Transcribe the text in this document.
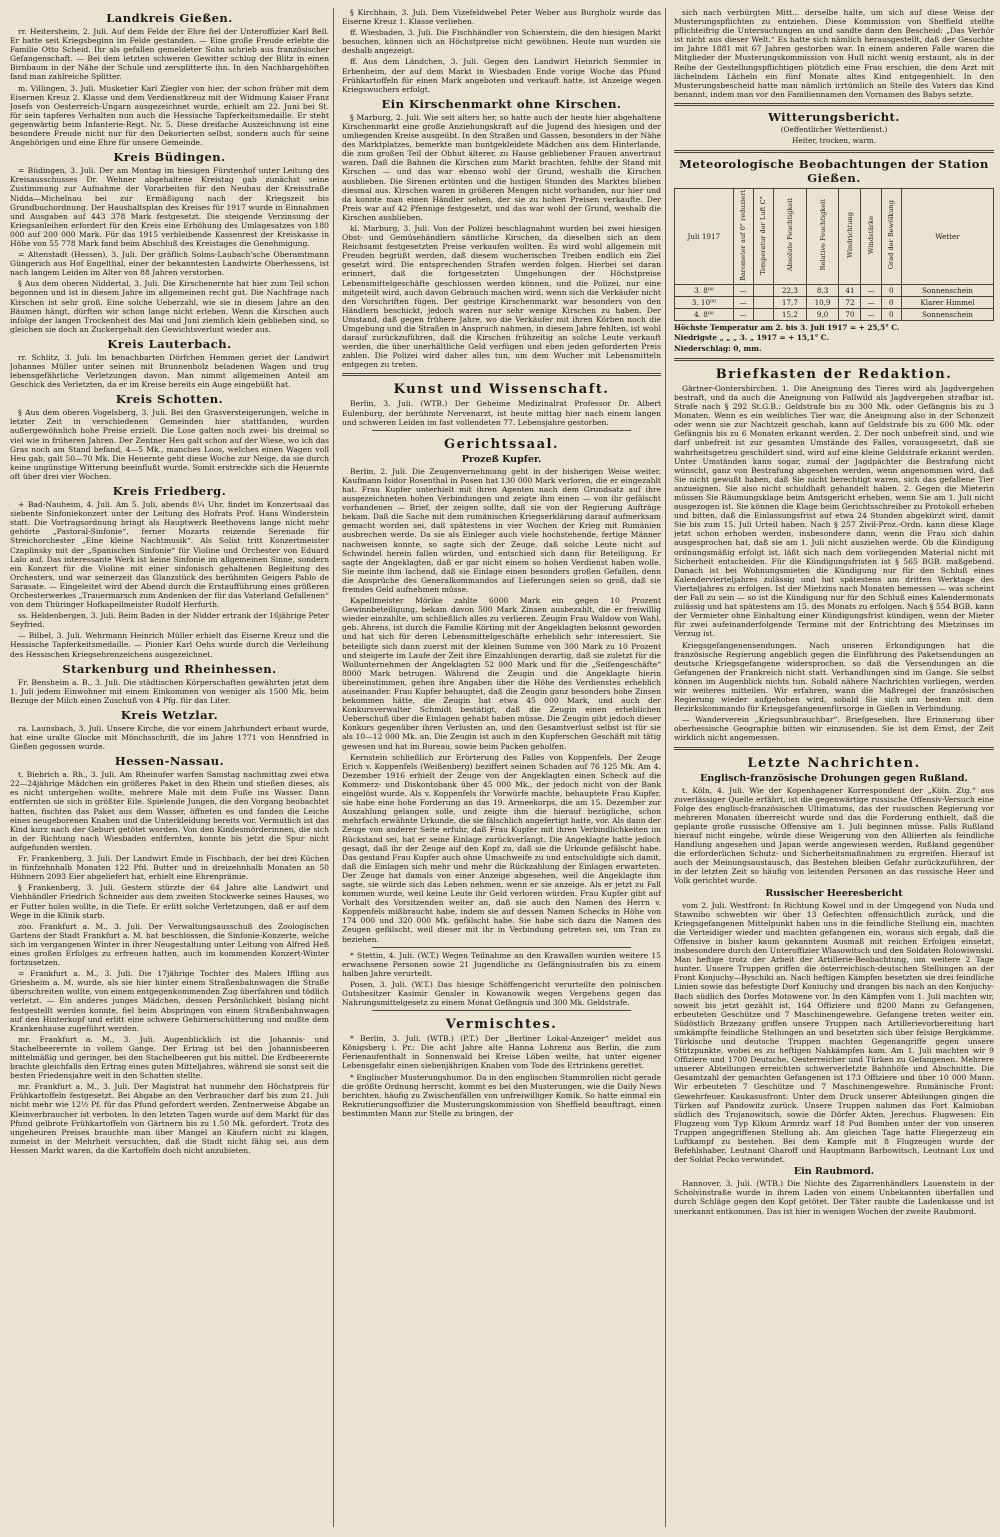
Landkreis Gießen.

rr. Heitersheim, 2. Juli. Auf dem Felde der Ehre fiel der Unteroffizier Karl Bell. Er hatte seit Kriegsbeginn im Felde gestanden. — Eine große Freude erlebte die Familie Otto Scheid. Ihr als gefallen gemeldeter Sohn schrieb aus französischer Gefangenschaft. — Bei dem letzten schweren Gewitter schlug der Blitz in einen Birnbaum in der Nähe der Schule und zersplitterte ihn. In den Nachbargehöften fand man zahlreiche Splitter.

m. Villingen, 3. Juli. Musketier Karl Ziegler von hier, der schon früher mit dem Eisernen Kreuz 2. Klasse und dem Verdienstkreuz mit der Widmung Kaiser Franz Josefs von Oesterreich-Ungarn ausgezeichnet wurde, erhielt am 22. Juni bei St. für sein tapferes Verhalten nun auch die Hessische Tapferkeitsmedaille. Er steht gegenwärtig beim Infanterie-Regt. Nr. 5. Diese dreifache Auszeichnung ist eine besondere Freude nicht nur für den Dekorierten selbst, sondern auch für seine Angehörigen und eine Ehre für unsere Gemeinde.

Kreis Büdingen.

= Büdingen, 3. Juli. Der am Montag im hiesigen Fürstenhof unter Leitung des Kreisausschusses Dr. Wehner abgehaltene Kreistag gab zunächst seine Zustimmung zur Aufnahme der Vorarbeiten für den Neubau der Kreisstraße Nidda—Michelnau bei zur Ermäßigung nach der Kriegszeit bis Grundbuchordnung. Der Haushaltsplan des Kreises für 1917 wurde in Einnahmen und Ausgaben auf 443 378 Mark festgesetzt. Die steigende Verzinsung der Kriegsanleihen erfordert für den Kreis eine Erhöhung des Umlagesatzes von 180 000 auf 200 000 Mark. Für das 1915 verbleibende Kassenrest der Kreiskasse in Höhe von 55 778 Mark fand beim Abschluß des Kreistages die Genehmigung.

= Altenstadt (Hessen), 3. Juli. Der gräflich Solms-Laubach'sche Oberamtmann Güngerich aus Hof Engelthal, einer der bekanntesten Landwirte Oberhessens, ist nach langem Leiden im Alter von 88 Jahren verstorben.

§ Aus dem oberen Niddertal, 3. Juli. Die Kirschenernte hat hier zum Teil schon begonnen und ist in diesem Jahre im allgemeinen recht gut. Die Nachfrage nach Kirschen ist sehr groß. Eine solche Ueberzahl, wie sie in diesem Jahre an den Bäumen hängt, dürften wir schon lange nicht erleben. Wenn die Kirschen auch infolge der langen Trockenheit des Mai und Juni ziemlich klein geblieben sind, so gleichen sie doch an Zuckergehalt den Gewichtsverlust wieder aus.

Kreis Lauterbach.

rr. Schlitz, 3. Juli. Im benachbarten Dörfchen Hemmen geriet der Landwirt Johannes Müller unter seinen mit Brunnenholz beladenen Wagen und trug lebensgefährliche Verletzungen davon. Man nimmt allgemeinen Anteil am Geschick des Verletzten, da er im Kreise bereits ein Auge eingebüßt hat.

Kreis Schotten.

§ Aus dem oberen Vogelsberg, 3. Juli. Bei den Grasversteigerungen, welche in letzter Zeit in verschiedenen Gemeinden hier stattfanden, wurden außergewöhnlich hohe Preise erzielt. Die Lose galten noch zwei- bis dreimal so viel wie in früheren Jahren. Der Zentner Heu galt schon auf der Wiese, wo ich das Gras noch am Stand befand, 4—5 Mk., manches Loos, welches einen Wagen voll Heu gab, galt 50—70 Mk. Die Heuernte geht diese Woche zur Neige, da sie durch keine ungünstige Witterung beeinflußt wurde. Somit erstreckte sich die Heuernte oft über drei vier Wochen.

Kreis Friedberg.

+ Bad-Nauheim, 4. Juli. Am 5. Juli, abends 8¼ Uhr, findet im Konzertsaal das siebente Sinfoniekonzert unter der Leitung des Hofrats Prof. Hans Winderstein statt. Die Vortragsordnung bringt als Hauptwerk Beethovens lange nicht mehr gehörte „Pastoral-Sinfonie“, ferner Mozarts reizende Serenade für Streichorchester „Eine kleine Nachtmusik“. Als Solist tritt Konzertmeister Czaplinsky mit der „Spanischen Sinfonie“ für Violine und Orchester von Eduard Lalo auf. Das interessante Werk ist keine Sinfonie im allgemeinen Sinne, sondern ein Konzert für die Violine mit einer sinfonisch gehaltenen Begleitung des Orchesters, und war seinerzeit das Glanzstück des berühmten Geigers Pablo de Sarasate. — Eingeleitet wird der Abend durch die Erstaufführung eines größeren Orchesterwerkes „Trauermarsch zum Andenken der für das Vaterland Gefallenen“ von dem Thüringer Hofkapellmeister Rudolf Herfurth.

ss. Heldenbergen, 3. Juli. Beim Baden in der Nidder ertrank der 16jährige Peter Seyfried.

— Bilbel, 3. Juli. Wehrmann Heinrich Müller erhielt das Eiserne Kreuz und die Hessische Tapferkeitsmedaille. — Pionier Karl Oehs wurde durch die Verleihung des Hessischen Kriegsehrenzeichens ausgezeichnet.

Starkenburg und Rheinhessen.

Fr. Bensheim a. B., 3. Juli. Die städtischen Körperschaften gewährten jetzt dem 1. Juli jedem Einwohner mit einem Einkommen von weniger als 1500 Mk. beim Bezuge der Milch einen Zuschuß von 4 Pfg. für das Liter.

Kreis Wetzlar.

ra. Launsbach, 3. Juli. Unsere Kirche, die vor einem Jahrhundert erbaut wurde, hat eine uralte Glocke mit Mönchsschrift, die im Jahre 1771 von Hennfried in Gießen gegossen wurde.

Hessen-Nassau.

t. Biebrich a. Rh., 3. Juli. Am Rheinufer warfen Samstag nachmittag zwei etwa 22—24jährige Mädchen ein größeres Paket in den Rhein und stießen dieses, als es nicht untergehen wollte, mehrere Male mit dem Fuße ins Wasser. Dann entfernten sie sich in größter Eile. Spielende Jungen, die den Vorgang beobachtet hatten, fischten das Paket aus dem Wasser, öffneten es und fanden die Leiche eines neugeborenen Knaben und die Unterkleidung bereits vor. Vermutlich ist das Kind kurz nach der Geburt getötet worden. Von den Kindesmörderinnen, die sich in der Richtung nach Wiesbaden entfernten, konnte bis jetzt die Spur nicht aufgefunden werden.

Fr. Frankenberg, 3. Juli. Der Landwirt Emde in Fischbach, der bei drei Küchen in fünfzehnhalb Monaten 122 Pfd. Butter und in dreizehnhalb Monaten an 50 Hühnern 2093 Eier abgeliefert hat, erhielt eine Ehrenprämie.

§ Frankenberg, 3. Juli. Gestern stürzte der 64 Jahre alte Landwirt und Viehhändler Friedrich Schneider aus dem zweiten Stockwerke seines Hauses, wo er Futter holen wollte, in die Tiefe. Er erlitt solche Verletzungen, daß er auf dem Wege in die Klinik starb.

zoo. Frankfurt a. M., 3. Juli. Der Verwaltungsausschuß des Zoologischen Gartens der Stadt Frankfurt a. M. hat beschlossen, die Sinfonie-Konzerte, welche sich im vergangenen Winter in ihrer Neugestaltung unter Leitung von Alfred Heß eines großen Erfolges zu erfreuen hatten, auch im kommenden Konzert-Winter fortzusetzen.

= Frankfurt a. M., 3. Juli. Die 17jährige Tochter des Malers Iffling aus Griesheim a. M. wurde, als sie hier hinter einem Straßenbahnwagen die Straße überschreiten wollte, von einem entgegenkommenden Zug überfahren und tödlich verletzt. — Ein anderes junges Mädchen, dessen Persönlichkeit bislang nicht festgestellt werden konnte, fiel beim Abspringen von einem Straßenbahnwagen auf den Hinterkopf und erlitt eine schwere Gehirnerschütterung und mußte dem Krankenhause zugeführt werden.

mr. Frankfurt a. M., 3. Juli. Augenblicklich ist die Johannis- und Stachelbeerernte in vollem Gange. Der Ertrag ist bei den Johannisbeeren mittelmäßig und geringer, bei den Stachelbeeren gut bis mittel. Die Erdbeerernte brachte gleichfalls den Ertrag eines guten Mitteljahres, während sie sonst seit die besten Friedensjahre weit in den Schatten stellte.

mr. Frankfurt a. M., 3. Juli. Der Magistrat hat nunmehr den Höchstpreis für Frühkartoffeln festgesetzt. Bei Abgabe an den Verbraucher darf bis zum 21. Juli nicht mehr wie 12½ Pf. für das Pfund gefordert werden. Zentnerweise Abgabe an Kleinverbraucher ist verboten. In den letzten Tagen wurde auf dem Markt für das Pfund gelbrote Frühkartoffeln von Gärtnern bis zu 1.50 Mk. gefordert. Trotz des ungeheuren Preises brauchte man über Mangel an Käufern nicht zu klagen, zumeist in der Mehrheit versuchten, daß die Stadt nicht fähig sei, aus dem Hessen Markt waren, da die Kartoffeln doch nicht anzubieten.

§ Kirchhain, 3. Juli. Dem Vizefeldwebel Peter Weber aus Burgholz wurde das Eiserne Kreuz 1. Klasse verliehen.

ff. Wiesbaden, 3. Juli. Die Fischhändler von Schierstein, die den hiesigen Markt besuchen, können sich an Höchstpreise nicht gewöhnen. Heute nun wurden sie deshalb angezeigt.

ff. Aus dem Ländchen, 3. Juli. Gegen den Landwirt Heinrich Semmler in Erbenheim, der auf dem Markt in Wiesbaden Ende vorige Woche das Pfund Frühkartoffeln für einen Mark angeboten und verkauft hatte, ist Anzeige wegen Kriegswuchers erfolgt.

Ein Kirschenmarkt ohne Kirschen.

§ Marburg, 2. Juli. Wie seit alters her, so hatte auch der heute hier abgehaltene Kirschenmarkt eine große Anziehungskraft auf die Jugend des hiesigen und der umliegenden Kreise ausgeübt. In den Straßen und Gassen, besonders in der Nähe des Marktplatzes, bemerkte man buntgekleidete Mädchen aus dem Hinterlande, die zum großen Teil der Obhut älterer, zu Hause gebliebener Frauen anvertraut waren. Daß die Bahnen die Kirschen zum Markt brachten, fehlte der Stand mit Kirschen — und das war ebenso wohl der Grund, weshalb die Kirschen ausblieben. Die Sirenen ertönten und die lustigen Stunden des Marktes blieben diesmal aus. Kirschen waren in größeren Mengen nicht vorhanden, nur hier und da konnte man einen Händler sehen, der sie zu hohen Preisen verkaufte. Der Preis war auf 42 Pfennige festgesetzt, und das war wohl der Grund, weshalb die Kirschen ausblieben.

kl. Marburg, 3. Juli. Von der Polizei beschlagnahmt wurden bei zwei hiesigen Obst- und Gemüsehändlern sämtliche Kirschen, da dieselben sich an dem Reichsamt festgesetzten Preise verkaufen wollten. Es wird wohl allgemein mit Freuden begrüßt werden, daß diesem wucherischen Treiben endlich ein Ziel gesetzt wird. Die entsprechenden Strafen werden folgen. Hierbei sei daran erinnert, daß die fortgesetzten Umgehungen der Höchstpreise Lebensmittelgeschäfte geschlossen werden können, und die Polizei, nur eine mitgeteilt wird, auch davon Gebrauch machen wird, wenn sich die Verkäufer nicht den Vorschriften fügen. Der gestrige Kirschenmarkt war besonders von den Händlern beschickt, jedoch waren nur sehr wenige Kirschen zu haben. Der Umstand, daß gegen frühere Jahre, wo die Verkäufer mit ihren Körben noch die Umgebung und die Straßen in Anspruch nahmen, in diesem Jahre fehlten, ist wohl darauf zurückzuführen, daß die Kirschen frühzeitig an solche Leute verkauft werden, die über unerhältliche Geld verfügen und eben jeden geforderten Preis zahlen. Die Polizei wird daher alles tun, um dem Wucher mit Lebensmitteln entgegen zu treten.

Kunst und Wissenschaft.

Berlin, 3. Juli. (WTB.) Der Geheime Medizinalrat Professor Dr. Albert Eulenburg, der berühmte Nervenarzt, ist heute mittag hier nach einem langen und schweren Leiden im fast vollendeten 77. Lebensjahre gestorben.

Gerichtssaal.
Prozeß Kupfer.

Berlin, 2. Juli. Die Zeugenvernehmung geht in der bisherigen Weise weiter. Kaufmann Isidor Rosenthal in Posen hat 130 000 Mark verloren, die er eingezahlt hat. Frau Kupfer unterhielt mit ihren Agenten nach dem Grundsatz auf ihre ausgezeichneten hohen Verbindungen und zeigte ihm einen — von ihr gefälscht vorhandenen — Brief, der zeigen sollte, daß sie von der Regierung Aufträge bekam. Daß die Sache mit dem rumänischen Kriegserklärung darauf aufmerksam gemacht worden sei, daß spätestens in vier Wochen der Krieg mit Rumänien ausbrechen werde. Da sie als Einleger auch viele hochstehende, fertige Männer nachweisen konnte, so sagte sich der Zeuge, daß solche Leute nicht auf Schwindel herein fallen würden, und entschied sich dann für Beteiligung. Er sagte der Angeklagten, daß er gar nicht einem so hohen Verdienst haben wolle. Sie meinte ihm lachend, daß sie Einlage einen besonders großen Gefallen, denn die Ansprüche des Generalkommandos auf Lieferungen seien so groß, daß sie fremdes Geld aufnehmen müsse.

Kapellmeister Mörike zahlte 6000 Mark ein gegen 10 Prozent Gewinnbeteiligung, bekam davon 500 Mark Zinsen ausbezahlt, die er freiwillig wieder einzahlte, um schließlich alles zu verlieren. Zeugin Frau Waldow von Wahl, geb. Ahrens, ist durch die Familie Körting mit der Angeklagten bekannt geworden und hat sich für deren Lebensmittelgeschäfte erheblich sehr interessiert. Sie beteiligte sich dann zuerst mit der kleinen Summe von 300 Mark zu 10 Prozent und steigerte im Laufe der Zeit ihre Einzahlungen derartig, daß sie zuletzt für die Wollunternehmen der Angeklagten 52 000 Mark und für die „Seifengeschäfte“ 8000 Mark betrugen. Während die Zeugin und die Angeklagte hierin übereinstimmen, gehen ihre Angaben über die Höhe des Verdienstes erheblich auseinander. Frau Kupfer behauptet, daß die Zeugin ganz besonders hohe Zinsen bekommen hätte, die Zeugin hat etwa 45 000 Mark, und auch der Konkursverwalter Schmidt bestätigt, daß die Zeugin einen erheblichen Ueberschuß über die Einlagen gehabt haben müsse. Die Zeugin gibt jedoch dieser Konkurs gegenüber ihren Verlusten an, und den Gesamtverlust selbst ist für sie als 10—12 000 Mk. an. Die Zeugin ist auch in den Kupferschen Geschäft mit tätig gewesen und hat im Bureau, sowie beim Packen geholfen.

Kernstein schließlich zur Erörterung des Falles von Koppenfels. Der Zeuge Erich v. Koppenfels (Weißenberg) beziffert seinen Schaden auf 76 125 Mk. Am 4. Dezember 1916 erhielt der Zeuge von der Angeklagten einen Scheck auf die Kommerz- und Diskontobank über 45 000 Mk., der jedoch nicht von der Bank eingelöst wurde. Als v. Koppenfels ihr Vorwürfe machte, behauptete Frau Kupfer, sie habe eine hohe Forderung an das 19. Armeekorps, die am 15. Dezember zur Auszahlung gelangen solle, und zeigte ihm die hierauf bezügliche, schon mehrfach erwähnte Urkunde, die sie fälschlich angefertigt hatte, vor. Als dann der Zeuge von anderer Seite erfuhr, daß Frau Kupfer mit ihren Verbindlichkeiten im Rückstand sei, hat er seine Einlage zurückverlangt. Die Angeklagte hatte jedoch gesagt, daß ihr der Zeuge auf den Kopf zu, daß sie die Urkunde gefälscht habe. Das gestand Frau Kupfer auch ohne Umschweife zu und entschuldigte sich damit, daß die Einlagen sich mehr und mehr die Rückzahlung der Einlagen erwarteten. Der Zeuge hat damals von einer Anzeige abgesehen, weil die Angeklagte ihm sagte, sie würde sich das Leben nehmen, wenn er sie anzeige. Als er jetzt zu Fall kommen wurde, weil keine Leute ihr Geld verloren würden. Frau Kupfer gibt auf Vorhalt des Vorsitzenden weiter an, daß sie auch den Namen des Herrn v. Koppenfels mißbraucht habe, indem sie auf dessen Namen Schecks in Höhe von 174 000 und 320 000 Mk. gefälscht habe. Sie habe sich dazu die Namen des Zeugen gefälscht, weil dieser mit ihr in Verbindung getreten sei, um Tran zu beziehen.

* Stettin, 4. Juli. (W.T.) Wegen Teilnahme an den Krawallen wurden weitere 15 erwachsene Personen sowie 21 Jugendliche zu Gefängnisstrafen bis zu einem halben Jahre verurteilt.

Posen, 3. Juli. (W.T.) Das hiesige Schöffengericht verurteilte den polnischen Gutsbesitzer Kasimir Gensler in Kowanowik wegen Vergehens gegen das Nahrungsmittelgesetz zu einem Monat Gefängnis und 300 Mk. Geldstrafe.

Vermischtes.

* Berlin, 3. Juli. (WTB.) (P.T.) Der „Berliner Lokal-Anzeiger“ meldet aus Königsberg i. Pr.: Die acht Jahre alte Hanna Lohrenz aus Berlin, die zum Ferienaufenthalt in Sonnenwald bei Kreise Löben weilte, hat unter eigener Lebensgefahr einen siebenjährigen Knaben vom Tode des Ertrinkens gerettet.

* Englischer Musterungshumor. Da in den englischen Stammrollen nicht gerade die größte Ordnung herrscht, kommt es bei den Musterungen, wie die Daily News berichten, häufig zu Zwischenfällen von unfreiwilliger Komik. So hatte einmal ein Rekrutierungsoffizier die Musterungskommission von Sheffield beauftragt, einen bestimmten Mann zur Stelle zu bringen, der

sich nach verbürgten Mitt... derselbe halte, um sich auf diese Weise der Musterungspflichten zu entziehen. Diese Kommission von Sheffield stellte pflichteifrig die Untersuchungen an und sandte dann den Bescheid: „Das Verhör ist nicht aus dieser Welt.“ Es hatte sich nämlich herausgestellt, daß der Gesuchte im Jahre 1881 mit 67 Jahren gestorben war. In einem anderen Falle waren die Mitglieder der Musterungskommission von Hull nicht wenig erstaunt, als in der Reihe der Gestellungspflichtigen plötzlich eine Frau erschien, die dem Arzt mit lächelndem Lächeln ein fünf Monate altes Kind entgegenhielt. In den Musterungsbescheid hatte man nämlich irrtümlich an Stelle des Vaters das Kind benannt, indem man vor den Familiennamen den Vornamen des Babys setzte.

Witterungsbericht.

(Oeffentlicher Wetterdienst.)

Heiter, trocken, warm.

Meteorologische Beobachtungen der Station Gießen.
Juli 1917	Barometer auf 0° reduziert	Temperatur der Luft C°	Absolute Feuchtigkeit	Relative Feuchtigkeit	Windrichtung	Windstärke	Grad der Bewölkung	Wetter
3. 8⁰⁰	—		22,3	8,3	41	—	0	Sonnenschein
3. 10⁰⁰	—		17,7	10,9	72	—	0	Klarer Himmel
4. 8⁰⁰	—		15,2	9,0	70	—	0	Sonnenschein

Höchste Temperatur am 2. bis 3. Juli 1917 = + 25,5° C.

Niedrigste „ „ „ 3. „ 1917 = + 15,1° C.

Niederschlag: 0, mm.

Briefkasten der Redaktion.

Gärtner-Gontershirchen. 1. Die Aneignung des Tieres wird als Jagdvergehen bestraft, und da auch die Aneignung von Fallwild als Jagdvergehen strafbar ist. Strafe nach § 292 St.G.B.: Geldstrafe bis zu 300 Mk. oder Gefängnis bis zu 3 Monaten. Wenn es ein weibliches Tier war, die Aneignung also in der Schonzeit oder wenn sie zur Nachtzeit geschah, kann auf Geldstrafe bis zu 600 Mk. oder Gefängnis bis zu 6 Monaten erkannt werden. 2. Der noch unbefreit sind, und wie darf unbefreit ist zur gesamten Umstände des Falles, vorausgesetzt, daß sie wahrheitsgetreu geschildert sind, wird auf eine kleine Geldstrafe erkannt werden. Unter Umständen kann sogar, zumal der Jagdpächter die Bestrafung nicht wünscht, ganz von Bestrafung abgesehen werden, wenn angenommen wird, daß Sie nicht gewußt haben, daß Sie nicht berechtigt waren, sich das gefallene Tier anzueignen. Sie also nicht schuldhaft gehandelt haben. 2. Gegen die Mieterin müssen Sie Räumungsklage beim Amtsgericht erheben, wenn Sie am 1. Juli nicht ausgezogen ist. Sie können die Klage beim Gerichtsschreiber zu Protokoll erheben und bitten, daß die Einlassungsfrist auf etwa 24 Stunden abgekürzt wird, damit Sie bis zum 15. Juli Urteil haben. Nach § 257 Zivil-Proz.-Ordn. kann diese Klage jetzt schon erhoben werden, insbesondere dann, wenn die Frau sich dahin ausgesprochen hat, daß sie am 1. Juli nicht ausziehen werde. Ob die Kündigung ordnungsmäßig erfolgt ist, läßt sich nach dem vorliegenden Material nicht mit Sicherheit entscheiden. Für die Kündigungsfristen ist § 565 BGB. maßgebend. Danach ist bei Wohnungsmieten die Kündigung nur für den Schluß eines Kalendervierteljahres zulässig und hat spätestens am dritten Werktage des Vierteljahres zu erfolgen. Ist der Mietzins nach Monaten bemessen — was scheint der Fall zu sein — so ist die Kündigung nur für den Schluß eines Kalendermonats zulässig und hat spätestens am 15. des Monats zu erfolgen. Nach § 554 BGB. kann der Vermieter ohne Einhaltung einer Kündigungsfrist kündigen, wenn der Mieter für zwei aufeinanderfolgende Termine mit der Entrichtung des Mietzinses im Verzug ist.

Kriegsgefangenensendungen. Nach unseren Erkundigungen hat die französische Regierung angeblich gegen die Einführung des Paketsendungen an deutsche Kriegsgefangene widersprochen, so daß die Versendungen an die Gefangenen der Frankreich nicht statt. Verhandlungen sind im Gange. Sie selbst können im Augenblick nichts tun. Sobald nähere Nachrichten vorliegen, werden wir weiteres mitteilen. Wir erfahren, wann die Maßregel der französischen Regierung wieder aufgehoben wird, sobald Sie sich am besten mit dem Bezirkskommando für Kriegsgefangenenfürsorge in Gießen in Verbindung.

— Wanderverein „Kriegsunbrauchbar“. Briefgesehen. Ihre Erinnerung über oberhessische Geographie bitten wir einzusenden. Sie ist dem Ernst, der Zeit wirklich nicht angemessen.

Letzte Nachrichten.
Englisch-französische Drohungen gegen Rußland.

t. Köln, 4. Juli. Wie der Kopenhagener Korrespondent der „Köln. Ztg.“ aus zuverlässiger Quelle erfährt, ist die gegenwärtige russische Offensiv-Versuch eine Folge des englisch-französischen Ultimatums, das der russischen Regierung vor mehreren Monaten überreicht wurde und das die Forderung enthielt, daß die geplante große russische Offensive am 1. Juli beginnen müsse. Falls Rußland hierauf nicht eingehe, würde diese Weigerung von den Alliierten als feindliche Handlung angesehen und Japan werde angewiesen werden, Rußland gegenüber die erforderlichen Schutz- und Sicherheitsmaßnahmen zu ergreifen. Hierauf ist auch der Meinungsaustausch, das Bestehen bleiben Gefahr zurückzuführen, der in der letzten Zeit so häufig von leitenden Personen an das russische Heer und Volk gerichtet wurde.

Russischer Heeresbericht

vom 2. Juli. Westfront: In Richtung Kowel und in der Umgegend von Nuda und Stawnibo schwebten wir über 13 Gefechten offensichtlich zurück, und die Kriegsgefangenen Mittelpunkt haben uns in die feindliche Stellung ein, machten die Verteidiger wieder und machten gefangenen ein, woraus sich ergab, daß die Offensive in bisher kaum gekanntem Ausmaß mit reichen Erfolgen einsetzt, insbesondere durch den Unteroffizier Wlasowitsch und den Soldaten Rolowiwnski. Man heftige trotz der Arbeit der Artillerie-Beobachtung, um weitere 2 Tage hunter. Unsere Truppen griffen die österreichisch-deutschen Stellungen an der Front Konjuchy—Byschiki an. Nach heftigen Kämpfen besetzten sie drei feindliche Linien sowie das befestigte Dorf Koniuchy und drangen bis nach an den Konjuchy-Bach südlich des Dorfes Motowene vor. In den Kämpfen vom 1. Juli machten wir, soweit bis jetzt gezählt ist, 164 Offiziere und 8200 Mann zu Gefangenen, erbeuteten Geschütze und 7 Maschinengewehre. Gefangene treten weiter ein. Südöstlich Brzezany griffen unsere Truppen nach Artillerievorbereitung hart umkämpfte feindliche Stellungen an und besetzten sich über felsige Bergkämme. Türkische und deutsche Truppen machten Gegenangriffe gegen unsere Stützpunkte, wobei es zu heftigen Nahkämpfen kam. Am 1. Juli machten wir 9 Offiziere und 1700 Deutsche, Oesterreicher und Türken zu Gefangenen. Mehrere unserer Abteilungen erreichten schwerverletzte Bahnhöfe und Abschnitte. Die Gesamtzahl der gemachten Gefangenen ist 173 Offiziere und über 10 000 Mann. Wir erbeuteten 7 Geschütze und 7 Maschinengewehre. Rumänische Front: Gewehrfeuer. Kaukasusfront: Unter dem Druck unserer Abteilungen gingen die Türken auf Pandowitz zurück. Unsere Truppen nahmen das Fort Kalmioban südlich des Trojanowitsch, sowie die Dörfer Akten, Jerechus. Flugwesen: Ein Flugzeug vom Typ Kikum Armrdz warf 18 Pud Bomben unter der von unseren Truppen angegriffenen Stellung ab. Am gleichen Tage hatte Fliegerzeug ein Luftkampf zu bestehen. Bei dem Kampfe mit 8 Flugzeugen wurde der Befehlshaber, Leutnant Gharoff und Hauptmann Barbowitsch, Leutnant Lux und der Soldat Pecko verwundet.

Ein Raubmord.

Hannover, 3. Juli. (WTB.) Die Nichte des Zigarrenhändlers Lauenstein in der Scholvinstraße wurde in ihrem Laden von einem Unbekannten überfallen und durch Schläge gegen den Kopf getötet. Der Täter raubte die Ladenkasse und ist unerkannt entkommen. Das ist hier in wenigen Wochen der zweite Raubmord.
